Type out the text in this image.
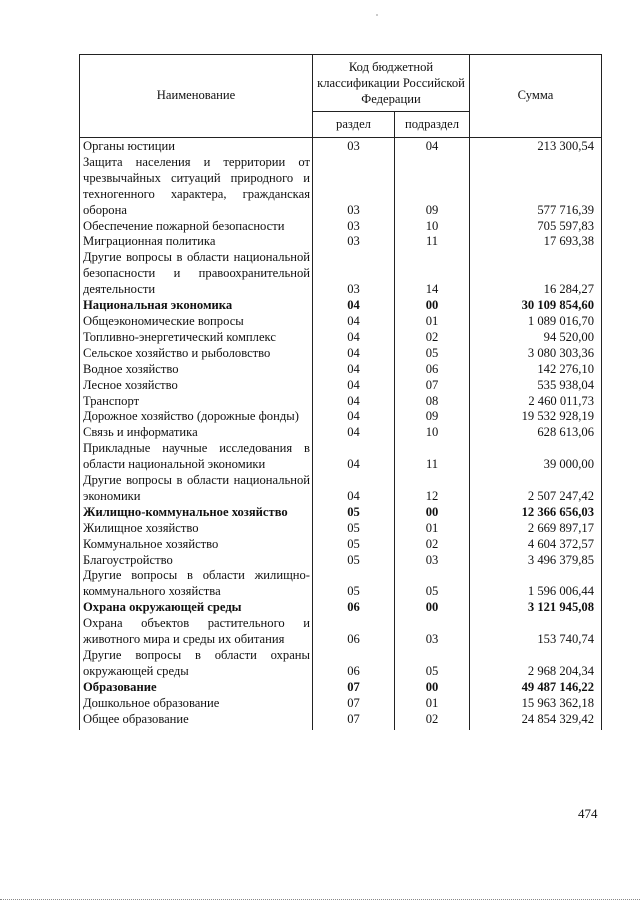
Наименование	Код бюджетной классификации Российской Федерации		Сумма
	раздел	подраздел	
Органы юстиции	03	04	213 300,54
Защита населения и территории от чрезвычайных ситуаций природного и техногенного характера, гражданская оборона	03	09	577 716,39
Обеспечение пожарной безопасности	03	10	705 597,83
Миграционная политика	03	11	17 693,38
Другие вопросы в области национальной безопасности и правоохранительной деятельности	03	14	16 284,27
Национальная экономика	04	00	30 109 854,60
Общеэкономические вопросы	04	01	1 089 016,70
Топливно-энергетический комплекс	04	02	94 520,00
Сельское хозяйство и рыболовство	04	05	3 080 303,36
Водное хозяйство	04	06	142 276,10
Лесное хозяйство	04	07	535 938,04
Транспорт	04	08	2 460 011,73
Дорожное хозяйство (дорожные фонды)	04	09	19 532 928,19
Связь и информатика	04	10	628 613,06
Прикладные научные исследования в области национальной экономики	04	11	39 000,00
Другие вопросы в области национальной экономики	04	12	2 507 247,42
Жилищно-коммунальное хозяйство	05	00	12 366 656,03
Жилищное хозяйство	05	01	2 669 897,17
Коммунальное хозяйство	05	02	4 604 372,57
Благоустройство	05	03	3 496 379,85
Другие вопросы в области жилищно-коммунального хозяйства	05	05	1 596 006,44
Охрана окружающей среды	06	00	3 121 945,08
Охрана объектов растительного и животного мира и среды их обитания	06	03	153 740,74
Другие вопросы в области охраны окружающей среды	06	05	2 968 204,34
Образование	07	00	49 487 146,22
Дошкольное образование	07	01	15 963 362,18
Общее образование	07	02	24 854 329,42
474
